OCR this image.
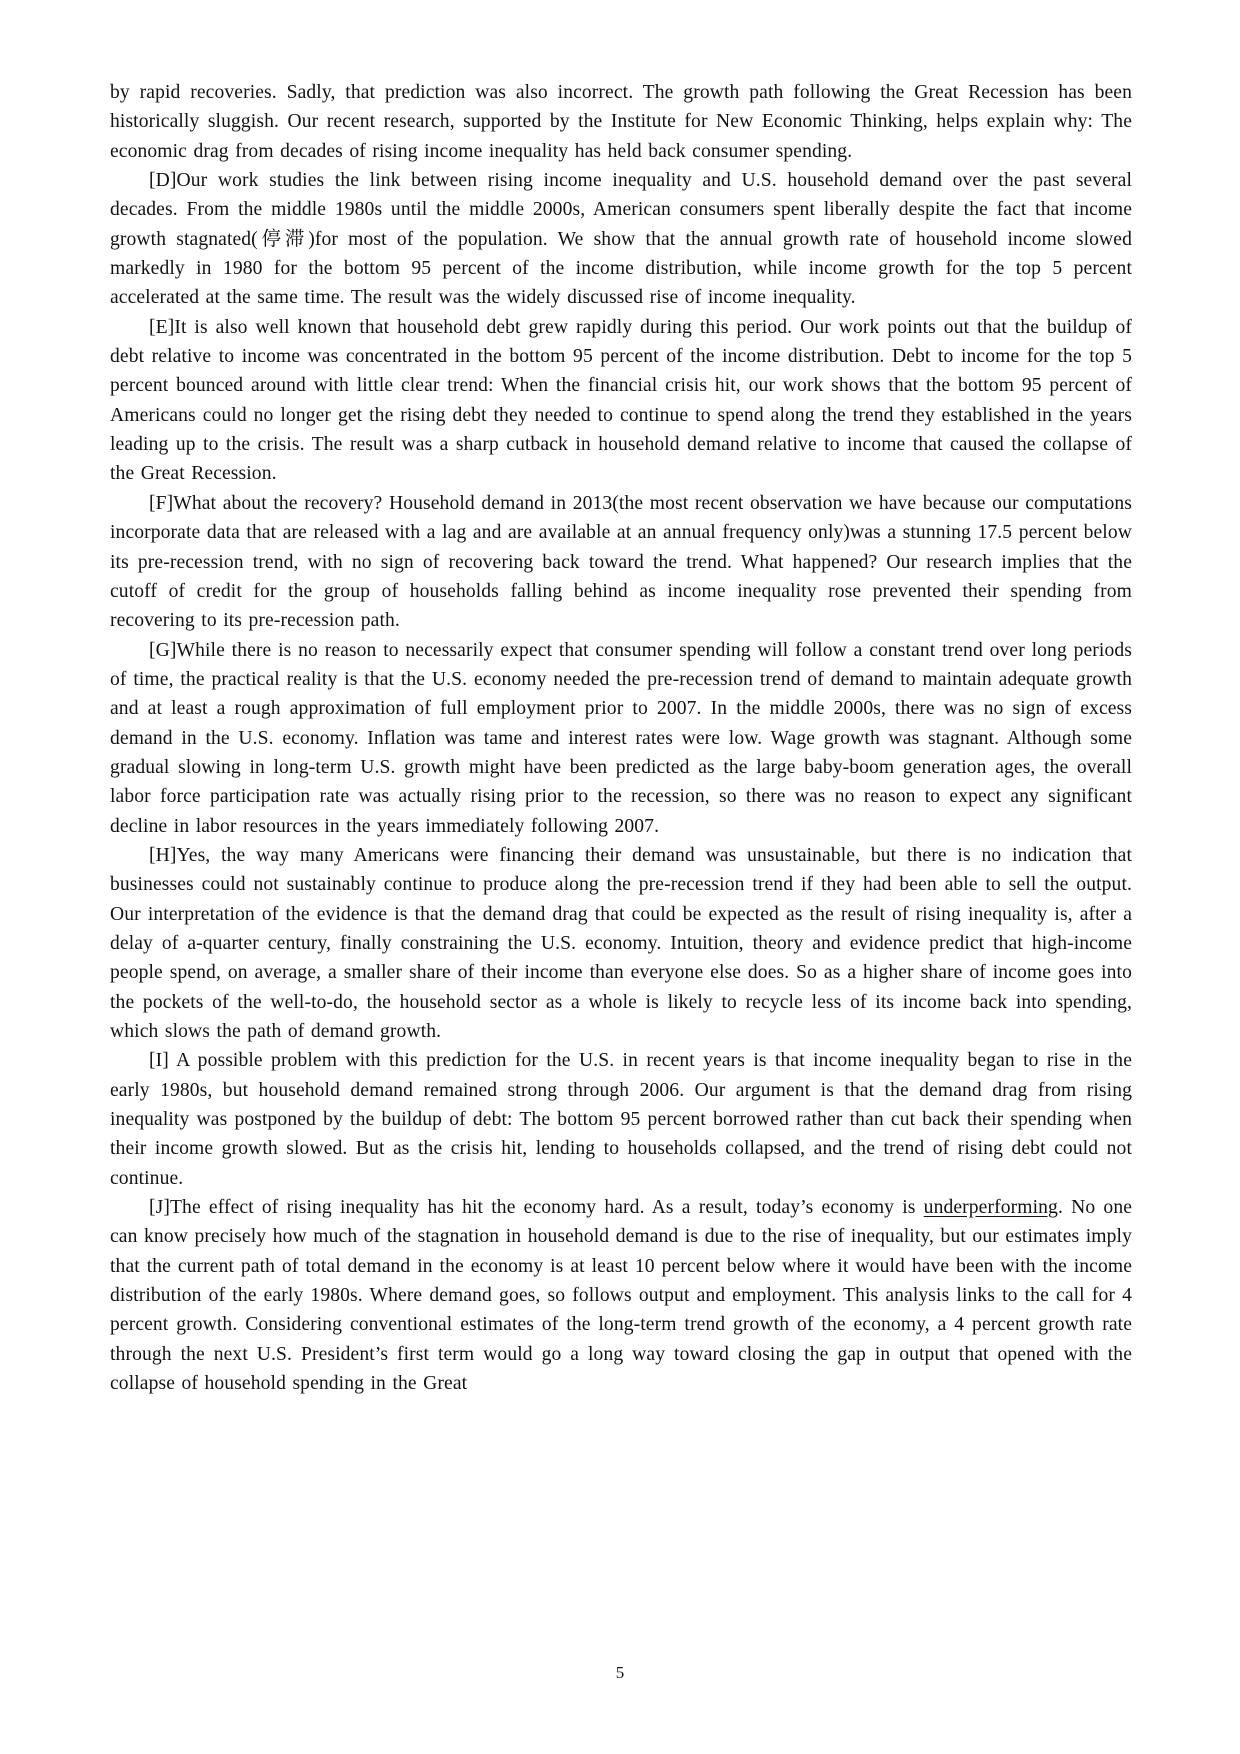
by rapid recoveries. Sadly, that prediction was also incorrect. The growth path following the Great Recession has been historically sluggish. Our recent research, supported by the Institute for New Economic Thinking, helps explain why: The economic drag from decades of rising income inequality has held back consumer spending.

[D]Our work studies the link between rising income inequality and U.S. household demand over the past several decades. From the middle 1980s until the middle 2000s, American consumers spent liberally despite the fact that income growth stagnated(停滞)for most of the population. We show that the annual growth rate of household income slowed markedly in 1980 for the bottom 95 percent of the income distribution, while income growth for the top 5 percent accelerated at the same time. The result was the widely discussed rise of income inequality.

[E]It is also well known that household debt grew rapidly during this period. Our work points out that the buildup of debt relative to income was concentrated in the bottom 95 percent of the income distribution. Debt to income for the top 5 percent bounced around with little clear trend: When the financial crisis hit, our work shows that the bottom 95 percent of Americans could no longer get the rising debt they needed to continue to spend along the trend they established in the years leading up to the crisis. The result was a sharp cutback in household demand relative to income that caused the collapse of the Great Recession.

[F]What about the recovery? Household demand in 2013(the most recent observation we have because our computations incorporate data that are released with a lag and are available at an annual frequency only)was a stunning 17.5 percent below its pre-recession trend, with no sign of recovering back toward the trend. What happened? Our research implies that the cutoff of credit for the group of households falling behind as income inequality rose prevented their spending from recovering to its pre-recession path.

[G]While there is no reason to necessarily expect that consumer spending will follow a constant trend over long periods of time, the practical reality is that the U.S. economy needed the pre-recession trend of demand to maintain adequate growth and at least a rough approximation of full employment prior to 2007. In the middle 2000s, there was no sign of excess demand in the U.S. economy. Inflation was tame and interest rates were low. Wage growth was stagnant. Although some gradual slowing in long-term U.S. growth might have been predicted as the large baby-boom generation ages, the overall labor force participation rate was actually rising prior to the recession, so there was no reason to expect any significant decline in labor resources in the years immediately following 2007.

[H]Yes, the way many Americans were financing their demand was unsustainable, but there is no indication that businesses could not sustainably continue to produce along the pre-recession trend if they had been able to sell the output. Our interpretation of the evidence is that the demand drag that could be expected as the result of rising inequality is, after a delay of a-quarter century, finally constraining the U.S. economy. Intuition, theory and evidence predict that high-income people spend, on average, a smaller share of their income than everyone else does. So as a higher share of income goes into the pockets of the well-to-do, the household sector as a whole is likely to recycle less of its income back into spending, which slows the path of demand growth.

[I] A possible problem with this prediction for the U.S. in recent years is that income inequality began to rise in the early 1980s, but household demand remained strong through 2006. Our argument is that the demand drag from rising inequality was postponed by the buildup of debt: The bottom 95 percent borrowed rather than cut back their spending when their income growth slowed. But as the crisis hit, lending to households collapsed, and the trend of rising debt could not continue.

[J]The effect of rising inequality has hit the economy hard. As a result, today’s economy is underperforming. No one can know precisely how much of the stagnation in household demand is due to the rise of inequality, but our estimates imply that the current path of total demand in the economy is at least 10 percent below where it would have been with the income distribution of the early 1980s. Where demand goes, so follows output and employment. This analysis links to the call for 4 percent growth. Considering conventional estimates of the long-term trend growth of the economy, a 4 percent growth rate through the next U.S. President’s first term would go a long way toward closing the gap in output that opened with the collapse of household spending in the Great

5
